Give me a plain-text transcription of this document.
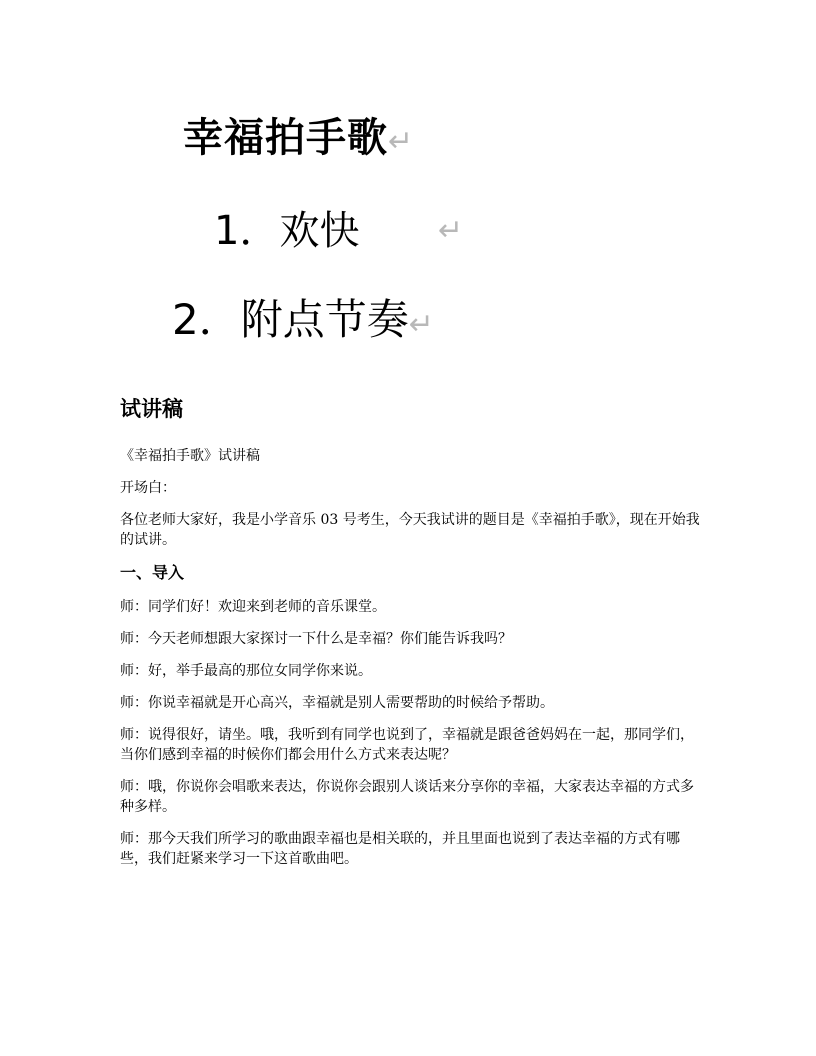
幸福拍手歌↵
1．欢快	↵
2．附点节奏↵
试讲稿

《幸福拍手歌》试讲稿

开场白：

各位老师大家好，我是小学音乐 03 号考生，今天我试讲的题目是《幸福拍手歌》，现在开始我的试讲。

一、导入

师：同学们好！欢迎来到老师的音乐课堂。

师：今天老师想跟大家探讨一下什么是幸福？你们能告诉我吗？

师：好，举手最高的那位女同学你来说。

师：你说幸福就是开心高兴，幸福就是别人需要帮助的时候给予帮助。

师：说得很好，请坐。哦，我听到有同学也说到了，幸福就是跟爸爸妈妈在一起，那同学们，当你们感到幸福的时候你们都会用什么方式来表达呢？

师：哦，你说你会唱歌来表达，你说你会跟别人谈话来分享你的幸福，大家表达幸福的方式多种多样。

师：那今天我们所学习的歌曲跟幸福也是相关联的，并且里面也说到了表达幸福的方式有哪些，我们赶紧来学习一下这首歌曲吧。
